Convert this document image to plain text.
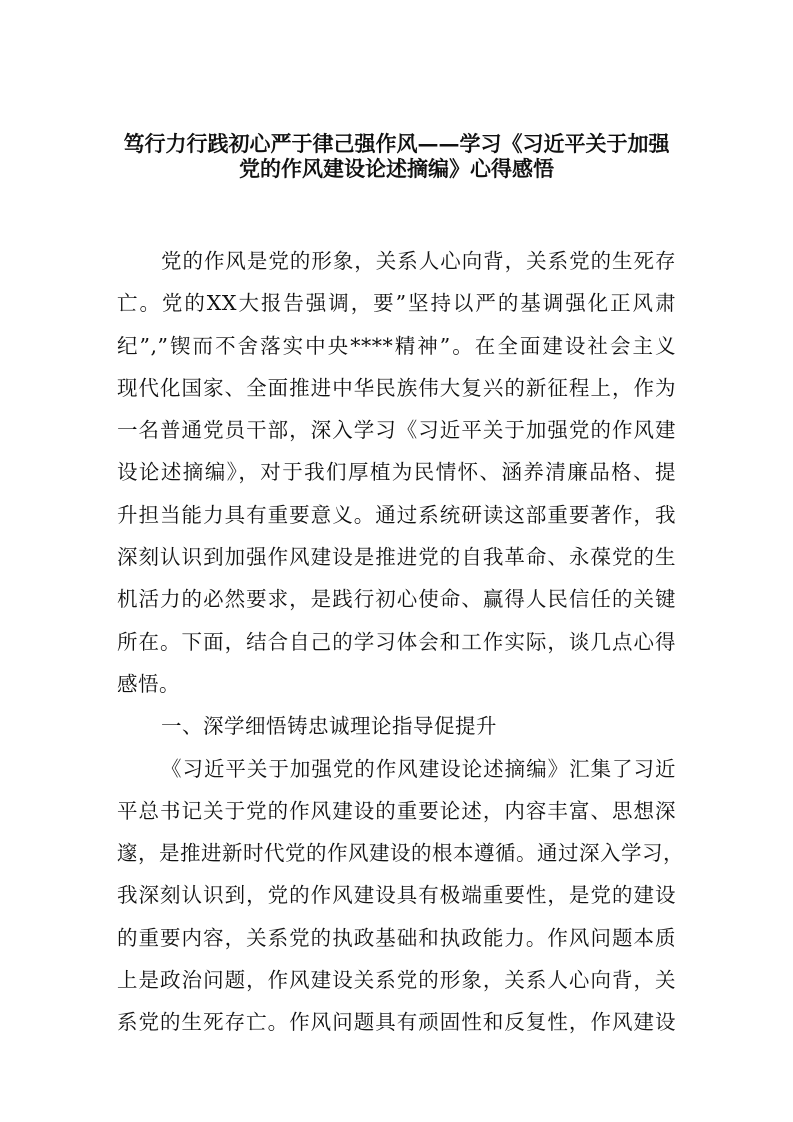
笃行力行践初心严于律己强作风——学习《习近平关于加强
党的作风建设论述摘编》心得感悟
党的作风是党的形象，关系人心向背，关系党的生死存
亡。党的XX大报告强调，要”坚持以严的基调强化正风肃
纪”,”锲而不舍落实中央****精神”。在全面建设社会主义
现代化国家、全面推进中华民族伟大复兴的新征程上，作为
一名普通党员干部，深入学习《习近平关于加强党的作风建
设论述摘编》，对于我们厚植为民情怀、涵养清廉品格、提
升担当能力具有重要意义。通过系统研读这部重要著作，我
深刻认识到加强作风建设是推进党的自我革命、永葆党的生
机活力的必然要求，是践行初心使命、赢得人民信任的关键
所在。下面，结合自己的学习体会和工作实际，谈几点心得
感悟。
一、深学细悟铸忠诚理论指导促提升
《习近平关于加强党的作风建设论述摘编》汇集了习近
平总书记关于党的作风建设的重要论述，内容丰富、思想深
邃，是推进新时代党的作风建设的根本遵循。通过深入学习，
我深刻认识到，党的作风建设具有极端重要性，是党的建设
的重要内容，关系党的执政基础和执政能力。作风问题本质
上是政治问题，作风建设关系党的形象，关系人心向背，关
系党的生死存亡。作风问题具有顽固性和反复性，作风建设
